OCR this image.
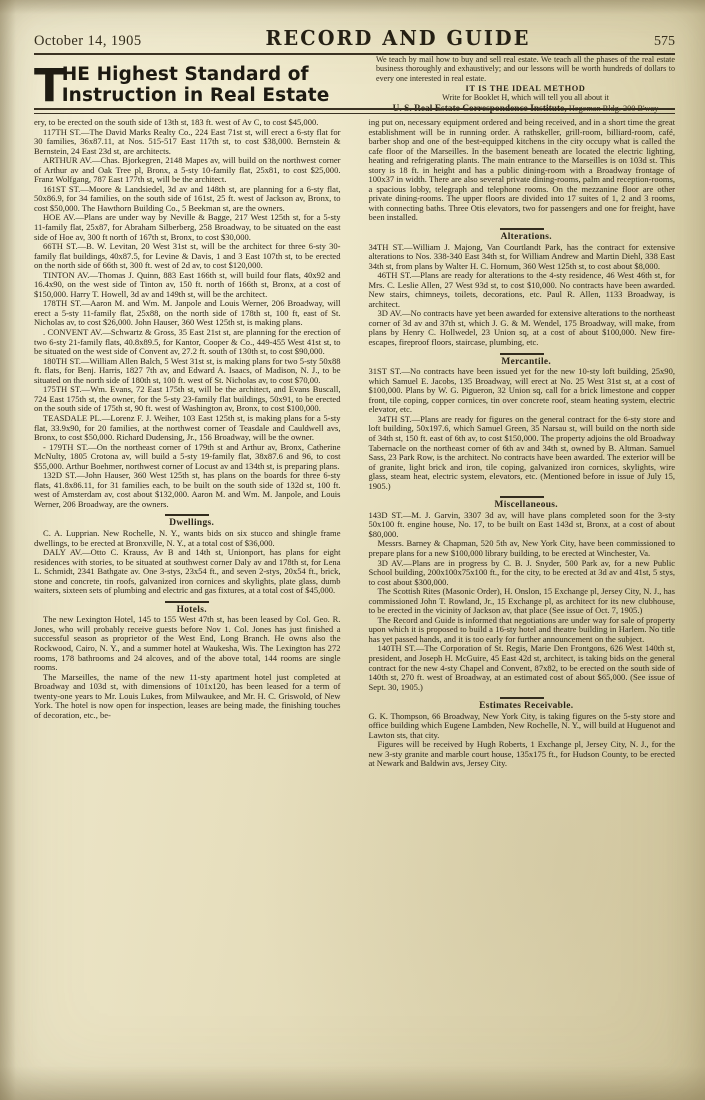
October 14, 1905	RECORD AND GUIDE	575
T
HE Highest Standard of
Instruction in Real Estate
We teach by mail how to buy and sell real estate. We teach all the phases of the real estate business thoroughly and exhaustively; and our lessons will be worth hundreds of dollars to every one interested in real estate.
IT IS THE IDEAL METHOD
Write for Booklet H, which will tell you all about it
U. S. Real Estate Correspondence Institute, Hegeman Bldg. 200 B'way

ery, to be erected on the south side of 13th st, 183 ft. west of Av C, to cost $45,000.

117TH ST.—The David Marks Realty Co., 224 East 71st st, will erect a 6-sty flat for 30 families, 36x87.11, at Nos. 515-517 East 117th st, to cost $38,000. Bernstein & Bernstein, 24 East 23d st, are architects.

ARTHUR AV.—Chas. Bjorkegren, 2148 Mapes av, will build on the northwest corner of Arthur av and Oak Tree pl, Bronx, a 5-sty 10-family flat, 25x81, to cost $25,000. Franz Wolfgang, 787 East 177th st, will be the architect.

161ST ST.—Moore & Landsiedel, 3d av and 148th st, are planning for a 6-sty flat, 50x86.9, for 34 families, on the south side of 161st, 25 ft. west of Jackson av, Bronx, to cost $50,000. The Hawthorn Building Co., 5 Beekman st, are the owners.

HOE AV.—Plans are under way by Neville & Bagge, 217 West 125th st, for a 5-sty 11-family flat, 25x87, for Abraham Silberberg, 258 Broadway, to be situated on the east side of Hoe av, 300 ft north of 167th st, Bronx, to cost $30,000.

66TH ST.—B. W. Levitan, 20 West 31st st, will be the architect for three 6-sty 30-family flat buildings, 40x87.5, for Levine & Davis, 1 and 3 East 107th st, to be erected on the north side of 66th st, 300 ft. west of 2d av, to cost $120,000.

TINTON AV.—Thomas J. Quinn, 883 East 166th st, will build four flats, 40x92 and 16.4x90, on the west side of Tinton av, 150 ft. north of 166th st, Bronx, at a cost of $150,000. Harry T. Howell, 3d av and 149th st, will be the architect.

178TH ST.—Aaron M. and Wm. M. Janpole and Louis Werner, 206 Broadway, will erect a 5-sty 11-family flat, 25x88, on the north side of 178th st, 100 ft, east of St. Nicholas av, to cost $26,000. John Hauser, 360 West 125th st, is making plans.

. CONVENT AV.—Schwartz & Gross, 35 East 21st st, are planning for the erection of two 6-sty 21-family flats, 40.8x89.5, for Kantor, Cooper & Co., 449-455 West 41st st, to be situated on the west side of Convent av, 27.2 ft. south of 130th st, to cost $90,000.

180TH ST.—William Allen Balch, 5 West 31st st, is making plans for two 5-sty 50x88 ft. flats, for Benj. Harris, 1827 7th av, and Edward A. Isaacs, of Madison, N. J., to be situated on the north side of 180th st, 100 ft. west of St. Nicholas av, to cost $70,00.

175TH ST.—Wm. Evans, 72 East 175th st, will be the architect, and Evans Buscall, 724 East 175th st, the owner, for the 5-sty 23-family flat buildings, 50x91, to be erected on the south side of 175th st, 90 ft. west of Washington av, Bronx, to cost $100,000.

TEASDALE PL.—Lorenz F. J. Weiher, 103 East 125th st, is making plans for a 5-sty flat, 33.9x90, for 20 families, at the northwest corner of Teasdale and Cauldwell avs, Bronx, to cost $50,000. Richard Dudensing, Jr., 156 Broadway, will be the owner.

- 179TH ST.—On the northeast corner of 179th st and Arthur av, Bronx, Catherine McNulty, 1805 Crotona av, will build a 5-sty 19-family flat, 38x87.6 and 96, to cost $55,000. Arthur Boehmer, northwest corner of Locust av and 134th st, is preparing plans.

132D ST.—John Hauser, 360 West 125th st, has plans on the boards for three 6-sty flats, 41.8x86.11, for 31 families each, to be built on the south side of 132d st, 100 ft. west of Amsterdam av, cost about $132,000. Aaron M. and Wm. M. Janpole, and Louis Werner, 206 Broadway, are the owners.

Dwellings.

C. A. Lupprian. New Rochelle, N. Y., wants bids on six stucco and shingle frame dwellings, to be erected at Bronxville, N. Y., at a total cost of $36,000.

DALY AV.—Otto C. Krauss, Av B and 14th st, Unionport, has plans for eight residences with stories, to be situated at southwest corner Daly av and 178th st, for Lena L. Schmidt, 2341 Bathgate av. One 3-stys, 23x54 ft., and seven 2-stys, 20x54 ft., brick, stone and concrete, tin roofs, galvanized iron cornices and skylights, plate glass, dumb waiters, sixteen sets of plumbing and electric and gas fixtures, at a total cost of $45,000.

Hotels.

The new Lexington Hotel, 145 to 155 West 47th st, has been leased by Col. Geo. R. Jones, who will probably receive guests before Nov 1. Col. Jones has just finished a successful season as proprietor of the West End, Long Branch. He owns also the Rockwood, Cairo, N. Y., and a summer hotel at Waukesha, Wis. The Lexington has 272 rooms, 178 bathrooms and 24 alcoves, and of the above total, 144 rooms are single rooms.

The Marseilles, the name of the new 11-sty apartment hotel just completed at Broadway and 103d st, with dimensions of 101x120, has been leased for a term of twenty-one years to Mr. Louis Lukes, from Milwaukee, and Mr. H. C. Griswold, of New York. The hotel is now open for inspection, leases are being made, the finishing touches of decoration, etc., be-

ing put on, necessary equipment ordered and being received, and in a short time the great establishment will be in running order. A rathskeller, grill-room, billiard-room, café, barber shop and one of the best-equipped kitchens in the city occupy what is called the cafe floor of the Marseilles. In the basement beneath are located the electric lighting, heating and refrigerating plants. The main entrance to the Marseilles is on 103d st. This story is 18 ft. in height and has a public dining-room with a Broadway frontage of 100x37 in width. There are also several private dining-rooms, palm and reception-rooms, a spacious lobby, telegraph and telephone rooms. On the mezzanine floor are other private dining-rooms. The upper floors are divided into 17 suites of 1, 2 and 3 rooms, with connecting baths. Three Otis elevators, two for passengers and one for freight, have been installed.

Alterations.

34TH ST.—William J. Majong, Van Courtlandt Park, has the contract for extensive alterations to Nos. 338-340 East 34th st, for William Andrew and Martin Diehl, 338 East 34th st, from plans by Walter H. C. Hornum, 360 West 125th st, to cost about $8,000.

46TH ST.—Plans are ready for alterations to the 4-sty residence, 46 West 46th st, for Mrs. C. Leslie Allen, 27 West 93d st, to cost $10,000. No contracts have been awarded. New stairs, chimneys, toilets, decorations, etc. Paul R. Allen, 1133 Broadway, is architect.

3D AV.—No contracts have yet been awarded for extensive alterations to the northeast corner of 3d av and 37th st, which J. G. & M. Wendel, 175 Broadway, will make, from plans by Henry C. Hollwedel, 23 Union sq, at a cost of about $100,000. New fire-escapes, fireproof floors, staircase, plumbing, etc.

Mercantile.

31ST ST.—No contracts have been issued yet for the new 10-sty loft building, 25x90, which Samuel E. Jacobs, 135 Broadway, will erect at No. 25 West 31st st, at a cost of $100,000. Plans by W. G. Pigueron, 32 Union sq, call for a brick limestone and copper front, tile coping, copper cornices, tin over concrete roof, steam heating system, electric elevator, etc.

34TH ST.—Plans are ready for figures on the general contract for the 6-sty store and loft building, 50x197.6, which Samuel Green, 35 Narsau st, will build on the north side of 34th st, 150 ft. east of 6th av, to cost $150,000. The property adjoins the old Broadway Tabernacle on the northeast corner of 6th av and 34th st, owned by B. Altman. Samuel Sass, 23 Park Row, is the architect. No contracts have been awarded. The exterior will be of granite, light brick and iron, tile coping, galvanized iron cornices, skylights, wire glass, steam heat, electric system, elevators, etc. (Mentioned before in issue of July 15, 1905.)

Miscellaneous.

143D ST.—M. J. Garvin, 3307 3d av, will have plans completed soon for the 3-sty 50x100 ft. engine house, No. 17, to be built on East 143d st, Bronx, at a cost of about $80,000.

Messrs. Barney & Chapman, 520 5th av, New York City, have been commissioned to prepare plans for a new $100,000 library building, to be erected at Winchester, Va.

3D AV.—Plans are in progress by C. B. J. Snyder, 500 Park av, for a new Public School building, 200x100x75x100 ft., for the city, to be erected at 3d av and 41st, 5 stys, to cost about $300,000.

The Scottish Rites (Masonic Order), H. Onslon, 15 Exchange pl, Jersey City, N. J., has commissioned John T. Rowland, Jr., 15 Exchange pl, as architect for its new clubhouse, to be erected in the vicinity of Jackson av, that place (See issue of Oct. 7, 1905.)

The Record and Guide is informed that negotiations are under way for sale of property upon which it is proposed to build a 16-sty hotel and theatre building in Harlem. No title has yet passed hands, and it is too early for further announcement on the subject.

140TH ST.—The Corporation of St. Regis, Marie Den Frontgons, 626 West 140th st, president, and Joseph H. McGuire, 45 East 42d st, architect, is taking bids on the general contract for the new 4-sty Chapel and Convent, 87x82, to be erected on the south side of 140th st, 270 ft. west of Broadway, at an estimated cost of about $65,000. (See issue of Sept. 30, 1905.)

Estimates Receivable.

G. K. Thompson, 66 Broadway, New York City, is taking figures on the 5-sty store and office building which Eugene Lambden, New Rochelle, N. Y., will build at Huguenot and Lawton sts, that city.

Figures will be received by Hugh Roberts, 1 Exchange pl, Jersey City, N. J., for the new 3-sty granite and marble court house, 135x175 ft., for Hudson County, to be erected at Newark and Baldwin avs, Jersey City.
